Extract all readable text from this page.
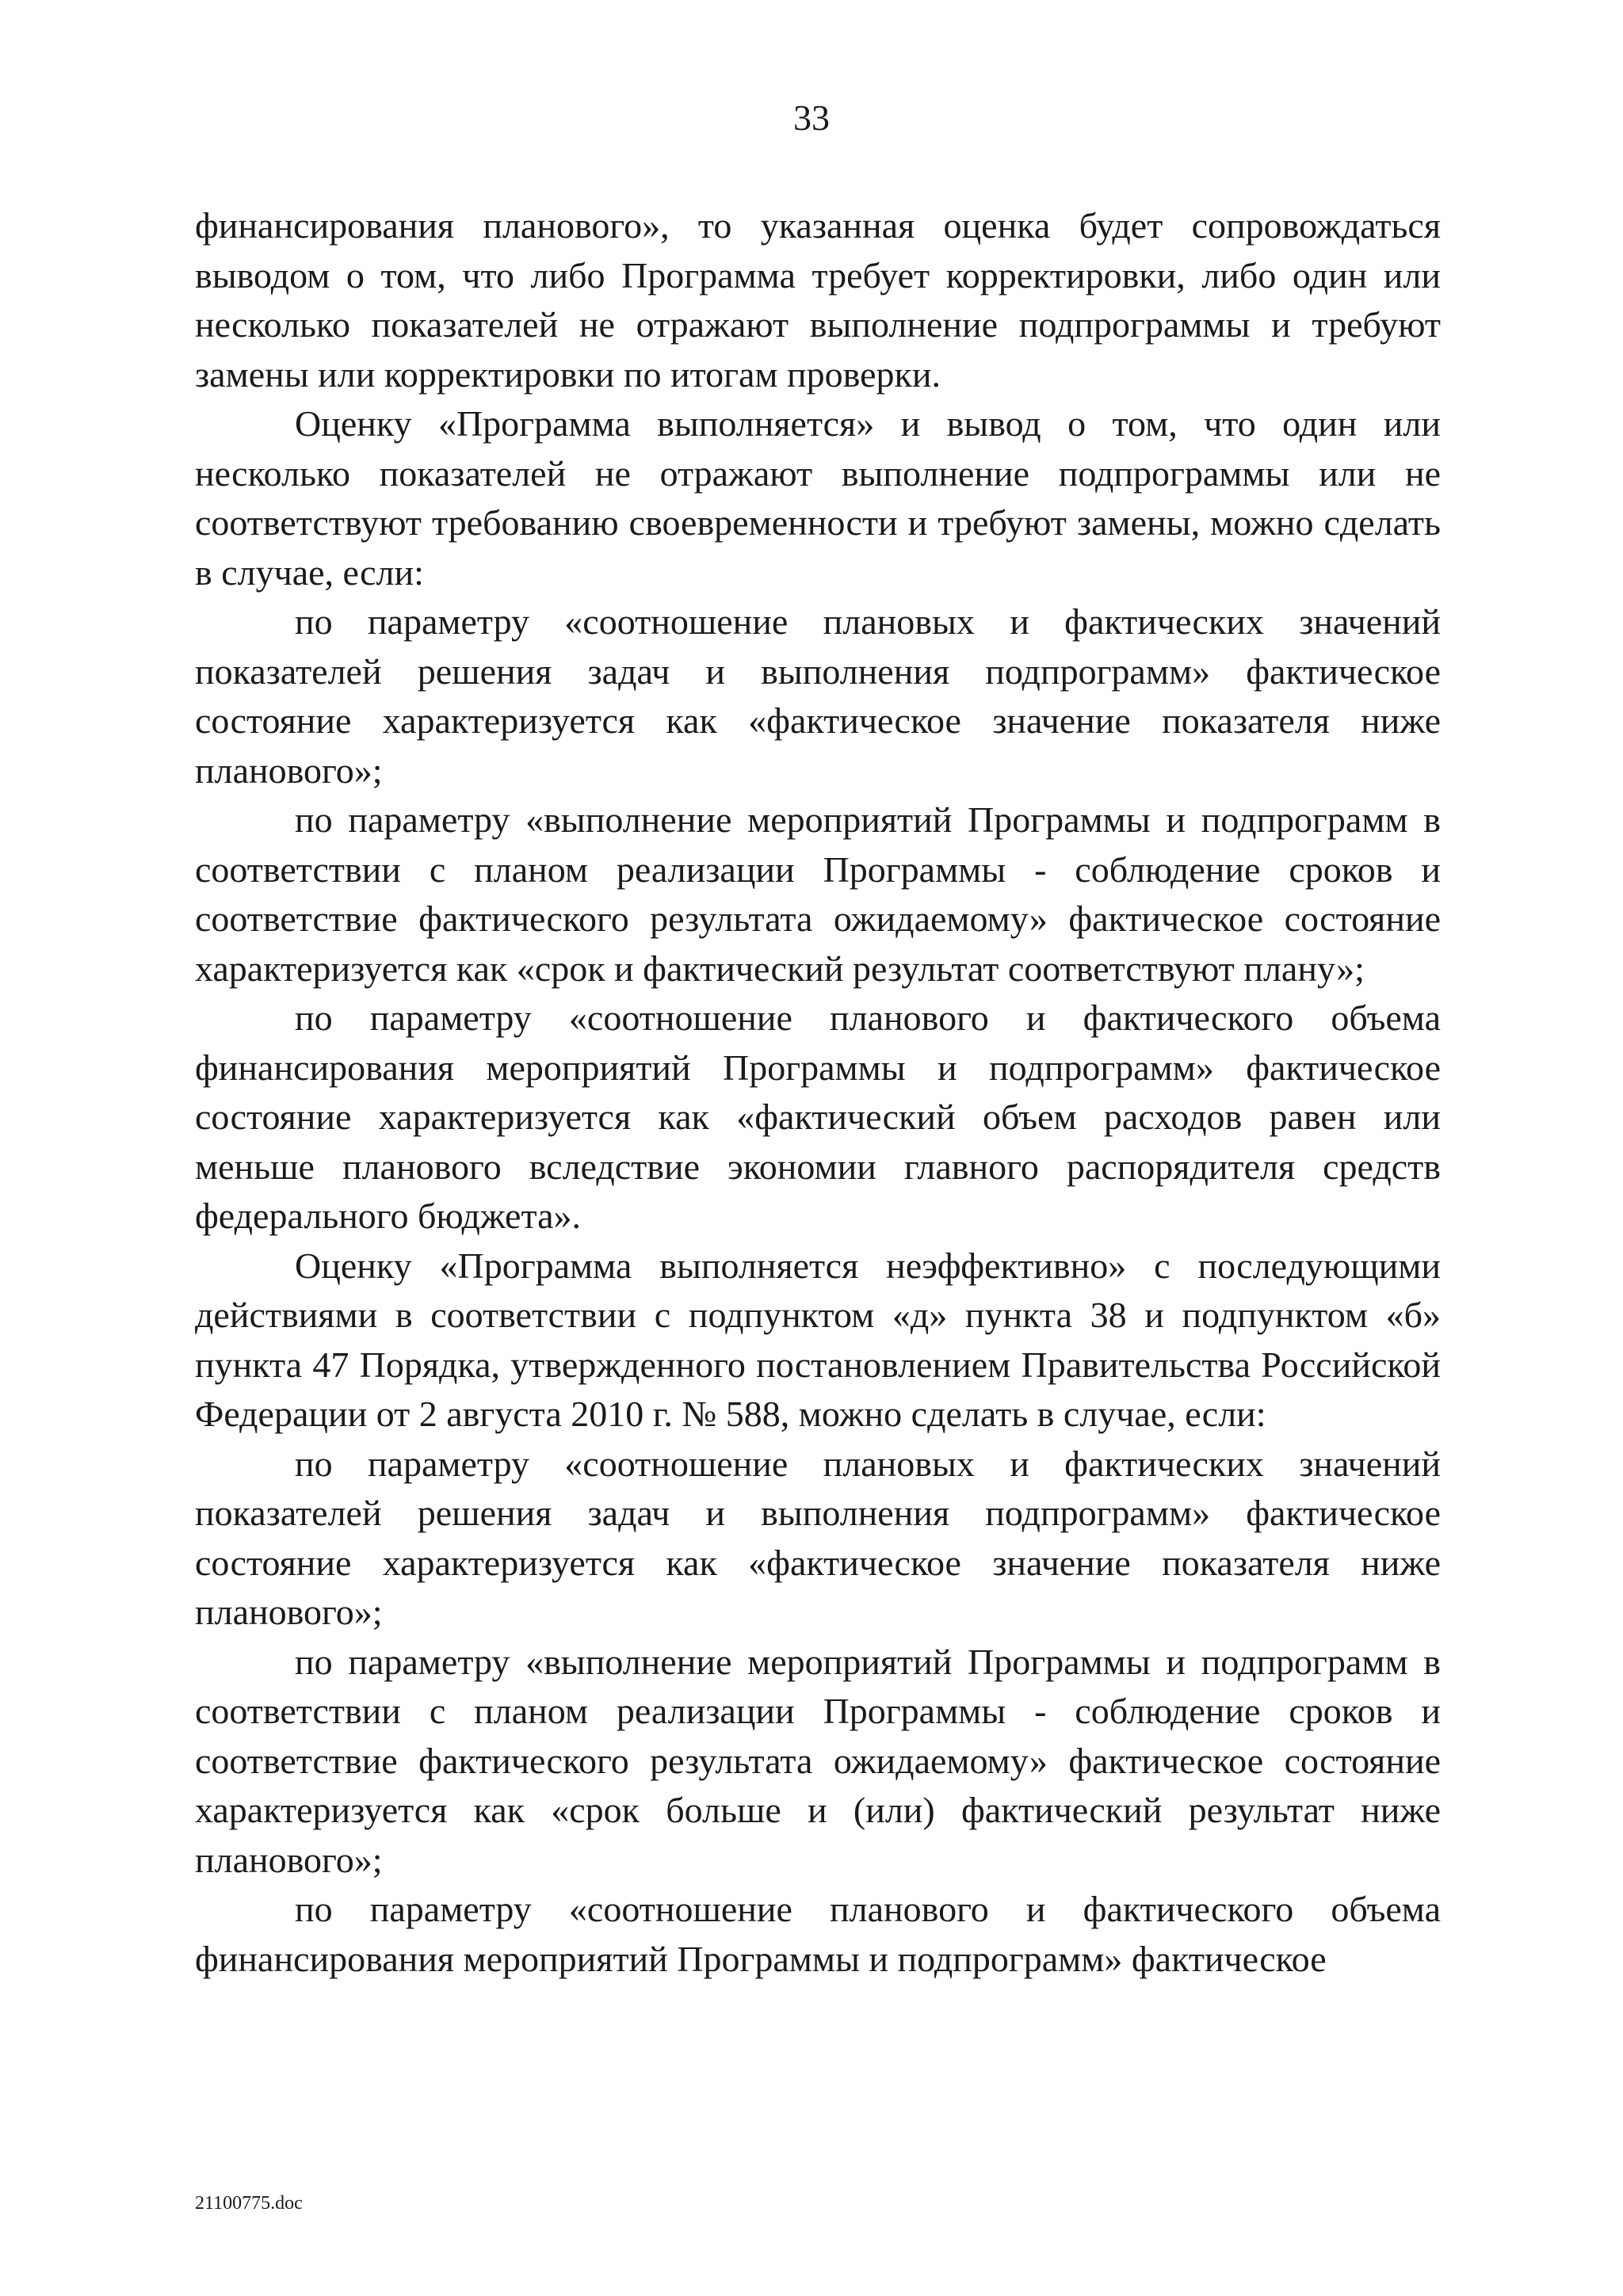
33

финансирования планового», то указанная оценка будет сопровождаться выводом о том, что либо Программа требует корректировки, либо один или несколько показателей не отражают выполнение подпрограммы и требуют замены или корректировки по итогам проверки.

Оценку «Программа выполняется» и вывод о том, что один или несколько показателей не отражают выполнение подпрограммы или не соответствуют требованию своевременности и требуют замены, можно сделать в случае, если:

по параметру «соотношение плановых и фактических значений показателей решения задач и выполнения подпрограмм» фактическое состояние характеризуется как «фактическое значение показателя ниже планового»;

по параметру «выполнение мероприятий Программы и подпрограмм в соответствии с планом реализации Программы - соблюдение сроков и соответствие фактического результата ожидаемому» фактическое состояние характеризуется как «срок и фактический результат соответствуют плану»;

по параметру «соотношение планового и фактического объема финансирования мероприятий Программы и подпрограмм» фактическое состояние характеризуется как «фактический объем расходов равен или меньше планового вследствие экономии главного распорядителя средств федерального бюджета».

Оценку «Программа выполняется неэффективно» с последующими действиями в соответствии с подпунктом «д» пункта 38 и подпунктом «б» пункта 47 Порядка, утвержденного постановлением Правительства Российской Федерации от 2 августа 2010 г. № 588, можно сделать в случае, если:

по параметру «соотношение плановых и фактических значений показателей решения задач и выполнения подпрограмм» фактическое состояние характеризуется как «фактическое значение показателя ниже планового»;

по параметру «выполнение мероприятий Программы и подпрограмм в соответствии с планом реализации Программы - соблюдение сроков и соответствие фактического результата ожидаемому» фактическое состояние характеризуется как «срок больше и (или) фактический результат ниже планового»;

по параметру «соотношение планового и фактического объема финансирования мероприятий Программы и подпрограмм» фактическое

21100775.doc
